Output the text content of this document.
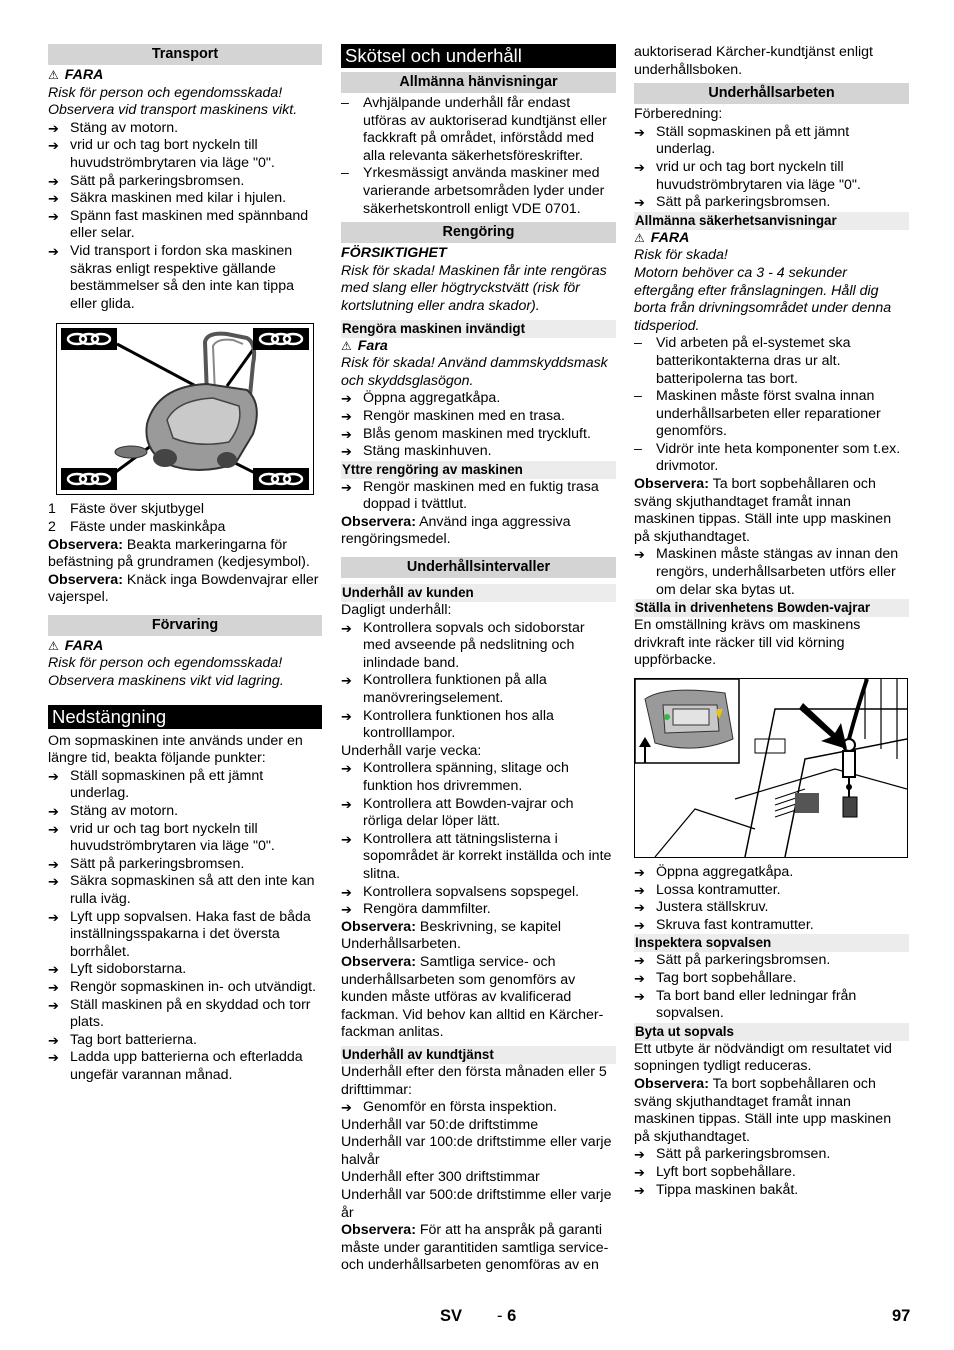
Transport
⚠ FARA

Risk för person och egendomsskada! Observera vid transport maskinens vikt.

➔ Stäng av motorn.
➔ vrid ur och tag bort nyckeln till huvudströmbrytaren via läge "0".
➔ Sätt på parkeringsbromsen.
➔ Säkra maskinen med kilar i hjulen.
➔ Spänn fast maskinen med spännband eller selar.
➔ Vid transport i fordon ska maskinen säkras enligt respektive gällande bestämmelser så den inte kan tippa eller glida.
1 Fäste över skjutbygel
2 Fäste under maskinkåpa

Observera: Beakta markeringarna för befästning på grundramen (kedjesymbol).

Observera: Knäck inga Bowdenvajrar eller vajerspel.

Förvaring
⚠ FARA

Risk för person och egendomsskada! Observera maskinens vikt vid lagring.

Nedstängning

Om sopmaskinen inte används under en längre tid, beakta följande punkter:

➔ Ställ sopmaskinen på ett jämnt underlag.
➔ Stäng av motorn.
➔ vrid ur och tag bort nyckeln till huvudströmbrytaren via läge "0".
➔ Sätt på parkeringsbromsen.
➔ Säkra sopmaskinen så att den inte kan rulla iväg.
➔ Lyft upp sopvalsen. Haka fast de båda inställningsspakarna i det översta borrhålet.
➔ Lyft sidoborstarna.
➔ Rengör sopmaskinen in- och utvändigt.
➔ Ställ maskinen på en skyddad och torr plats.
➔ Tag bort batterierna.
➔ Ladda upp batterierna och efterladda ungefär varannan månad.
Skötsel och underhåll
Allmänna hänvisningar
– Avhjälpande underhåll får endast utföras av auktoriserad kundtjänst eller fackkraft på området, införstådd med alla relevanta säkerhetsföreskrifter.
– Yrkesmässigt använda maskiner med varierande arbetsområden lyder under säkerhetskontroll enligt VDE 0701.
Rengöring
FÖRSIKTIGHET

Risk för skada! Maskinen får inte rengöras med slang eller högtryckstvätt (risk för kortslutning eller andra skador).

Rengöra maskinen invändigt
⚠ Fara

Risk för skada! Använd dammskyddsmask och skyddsglasögon.

➔ Öppna aggregatkåpa.
➔ Rengör maskinen med en trasa.
➔ Blås genom maskinen med tryckluft.
➔ Stäng maskinhuven.
Yttre rengöring av maskinen
➔ Rengör maskinen med en fuktig trasa doppad i tvättlut.

Observera: Använd inga aggressiva rengöringsmedel.

Underhållsintervaller
Underhåll av kunden

Dagligt underhåll:

➔ Kontrollera sopvals och sidoborstar med avseende på nedslitning och inlindade band.
➔ Kontrollera funktionen på alla manövreringselement.
➔ Kontrollera funktionen hos alla kontrolllampor.

Underhåll varje vecka:

➔ Kontrollera spänning, slitage och funktion hos drivremmen.
➔ Kontrollera att Bowden-vajrar och rörliga delar löper lätt.
➔ Kontrollera att tätningslisterna i sopområdet är korrekt inställda och inte slitna.
➔ Kontrollera sopvalsens sopspegel.
➔ Rengöra dammfilter.

Observera: Beskrivning, se kapitel Underhållsarbeten.

Observera: Samtliga service- och underhållsarbeten som genomförs av kunden måste utföras av kvalificerad fackman. Vid behov kan alltid en Kärcher-fackman anlitas.

Underhåll av kundtjänst

Underhåll efter den första månaden eller 5 drifttimmar:

➔ Genomför en första inspektion.

Underhåll var 50:de driftstimme

Underhåll var 100:de driftstimme eller varje halvår

Underhåll efter 300 driftstimmar

Underhåll var 500:de driftstimme eller varje år

Observera: För att ha anspråk på garanti måste under garantitiden samtliga service- och underhållsarbeten genomföras av en

auktoriserad Kärcher-kundtjänst enligt underhållsboken.

Underhållsarbeten

Förberedning:

➔ Ställ sopmaskinen på ett jämnt underlag.
➔ vrid ur och tag bort nyckeln till huvudströmbrytaren via läge "0".
➔ Sätt på parkeringsbromsen.
Allmänna säkerhetsanvisningar
⚠ FARA

Risk för skada!

Motorn behöver ca 3 - 4 sekunder eftergång efter frånslagningen. Håll dig borta från drivningsområdet under denna tidsperiod.

– Vid arbeten på el-systemet ska batterikontakterna dras ur alt. batteripolerna tas bort.
– Maskinen måste först svalna innan underhållsarbeten eller reparationer genomförs.
– Vidrör inte heta komponenter som t.ex. drivmotor.

Observera: Ta bort sopbehållaren och sväng skjuthandtaget framåt innan maskinen tippas. Ställ inte upp maskinen på skjuthandtaget.

➔ Maskinen måste stängas av innan den rengörs, underhållsarbeten utförs eller om delar ska bytas ut.
Ställa in drivenhetens Bowden-vajrar

En omställning krävs om maskinens drivkraft inte räcker till vid körning uppförbacke.

➔ Öppna aggregatkåpa.
➔ Lossa kontramutter.
➔ Justera ställskruv.
➔ Skruva fast kontramutter.
Inspektera sopvalsen
➔ Sätt på parkeringsbromsen.
➔ Tag bort sopbehållare.
➔ Ta bort band eller ledningar från sopvalsen.
Byta ut sopvals

Ett utbyte är nödvändigt om resultatet vid sopningen tydligt reduceras.

Observera: Ta bort sopbehållaren och sväng skjuthandtaget framåt innan maskinen tippas. Ställ inte upp maskinen på skjuthandtaget.

➔ Sätt på parkeringsbromsen.
➔ Lyft bort sopbehållare.
➔ Tippa maskinen bakåt.
SV - 6	97
